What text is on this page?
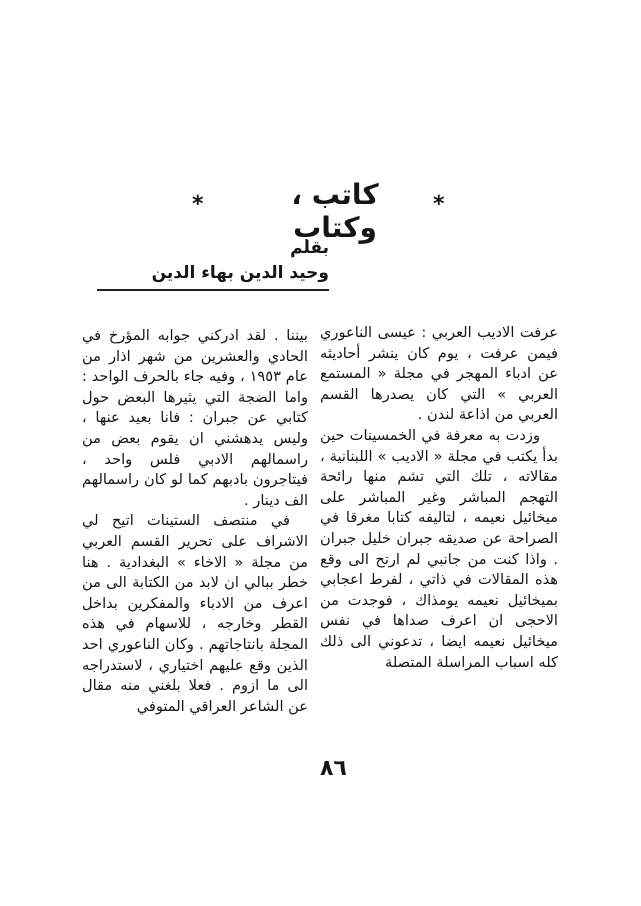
*	كاتب ، وكتاب
*
بقلم
وحيد الدين بهاء الدين

عرفت الاديب العربي : عيسى الناعوري فيمن عرفت ، يوم كان ينشر أحاديثه عن ادباء المهجر في مجلة « المستمع العربي » التي كان يصدرها القسم العربي من اذاعة لندن .

وزدت به معرفة في الخمسينات حين بدأ يكتب في مجلة « الاديب » اللبنانية ، مقالاته ، تلك التي تشم منها رائحة التهجم المباشر وغير المباشر على ميخائيل نعيمه ، لتاليفه كتابا مغرقا في الصراحة عن صديقه جبران خليل جبران . واذا كنت من جانبي لم ارتح الى وقع هذه المقالات في ذاتي ، لفرط اعجابي بميخائيل نعيمه يومذاك ، فوجدت من الاحجى ان اعرف صداها في نفس ميخائيل نعيمه ايضا ، تدعوني الى ذلك كله اسباب المراسلة المتصلة

بيننا . لقد ادركني جوابه المؤرخ في الحادي والعشرين من شهر اذار من عام ١٩٥٣ ، وفيه جاء بالحرف الواحد : واما الضجة التي يثيرها البعض حول كتابي عن جبران : فانا بعيد عنها ، وليس يدهشني ان يقوم بعض من راسمالهم الادبي فلس واحد ، فيتاجرون بادبهم كما لو كان راسمالهم الف دينار .

في منتصف الستينات اتيح لي الاشراف على تحرير القسم العربي من مجلة « الاخاء » البغدادية . هنا خطر ببالي ان لابد من الكتابة الى من اعرف من الادباء والمفكرين بداخل القطر وخارجه ، للاسهام في هذه المجلة بانتاجاتهم . وكان الناعوري احد الذين وقع عليهم اختياري ، لاستدراجه الى ما ازوم . فعلا بلغني منه مقال عن الشاعر العراقي المتوفي

٨٦
